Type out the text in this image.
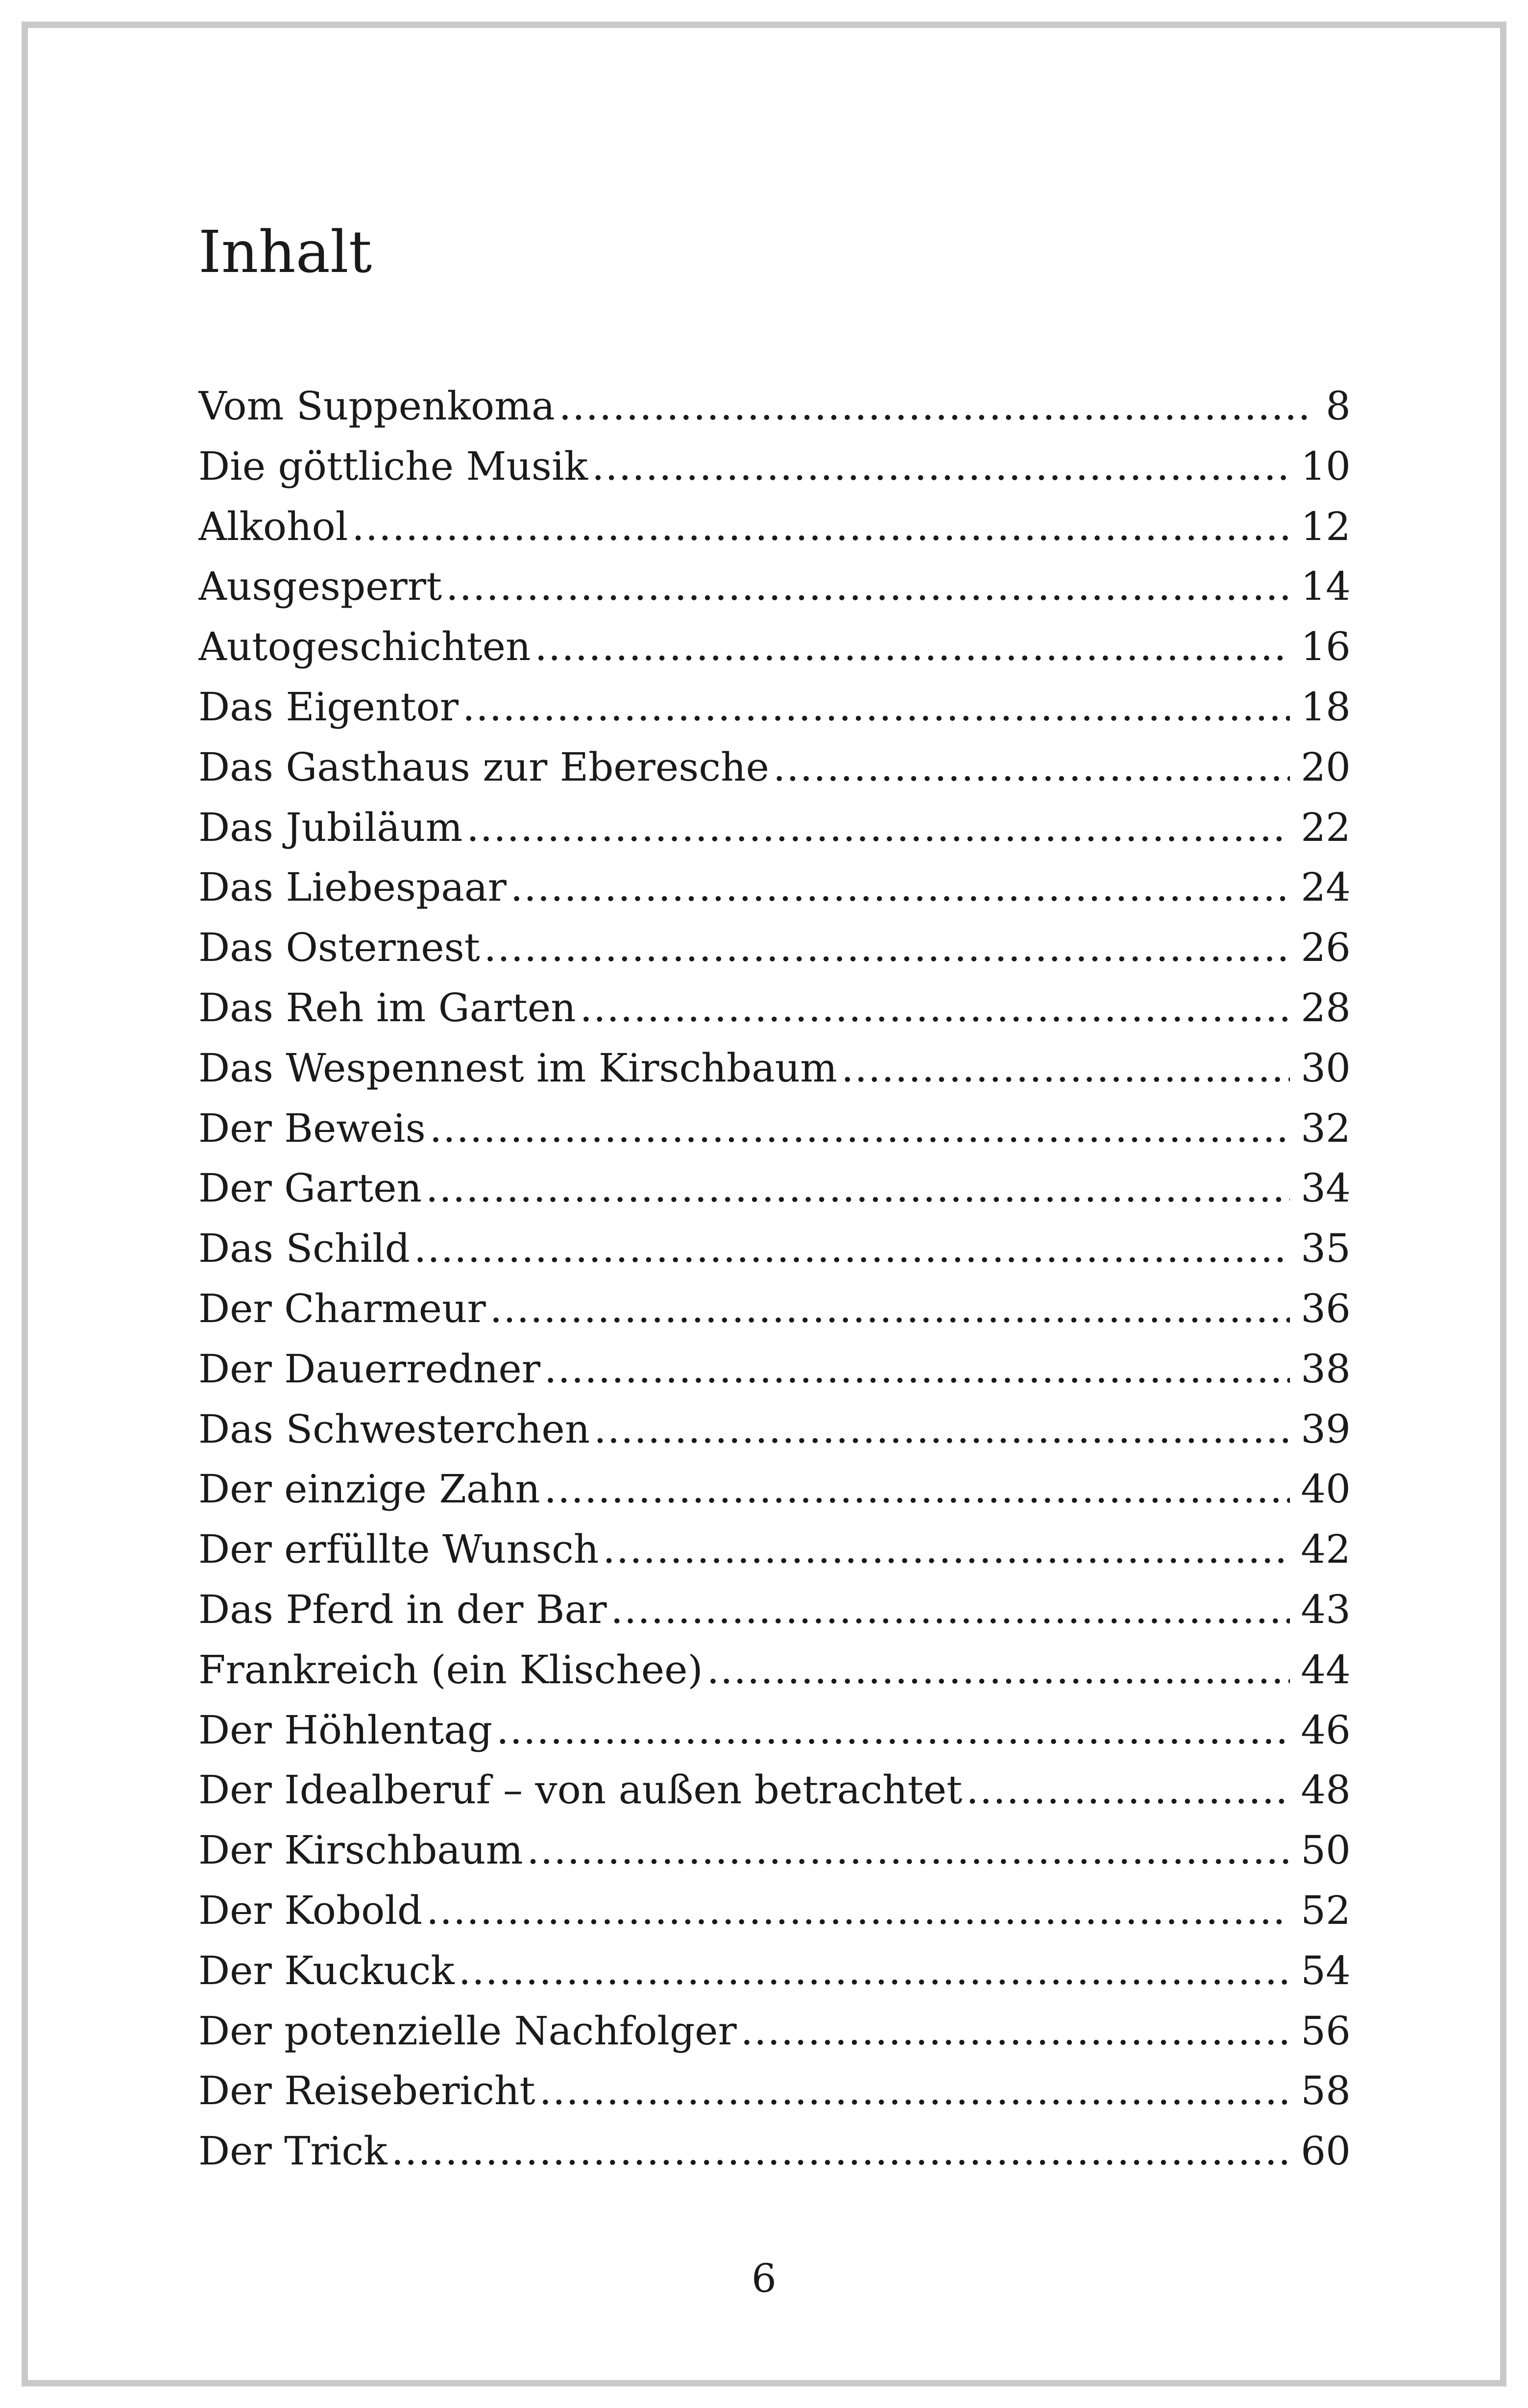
Inhalt
Vom Suppenkoma .....	8
Die göttliche Musik .....	10
Alkohol .....	12
Ausgesperrt .....	14
Autogeschichten .....	16
Das Eigentor .....	18
Das Gasthaus zur Eberesche .....	20
Das Jubiläum .....	22
Das Liebespaar .....	24
Das Osternest .....	26
Das Reh im Garten .....	28
Das Wespennest im Kirschbaum .....	30
Der Beweis .....	32
Der Garten .....	34
Das Schild .....	35
Der Charmeur .....	36
Der Dauerredner .....	38
Das Schwesterchen .....	39
Der einzige Zahn .....	40
Der erfüllte Wunsch .....	42
Das Pferd in der Bar .....	43
Frankreich (ein Klischee) .....	44
Der Höhlentag .....	46
Der Idealberuf – von außen betrachtet .....	48
Der Kirschbaum .....	50
Der Kobold .....	52
Der Kuckuck .....	54
Der potenzielle Nachfolger .....	56
Der Reisebericht .....	58
Der Trick .....	60
6
